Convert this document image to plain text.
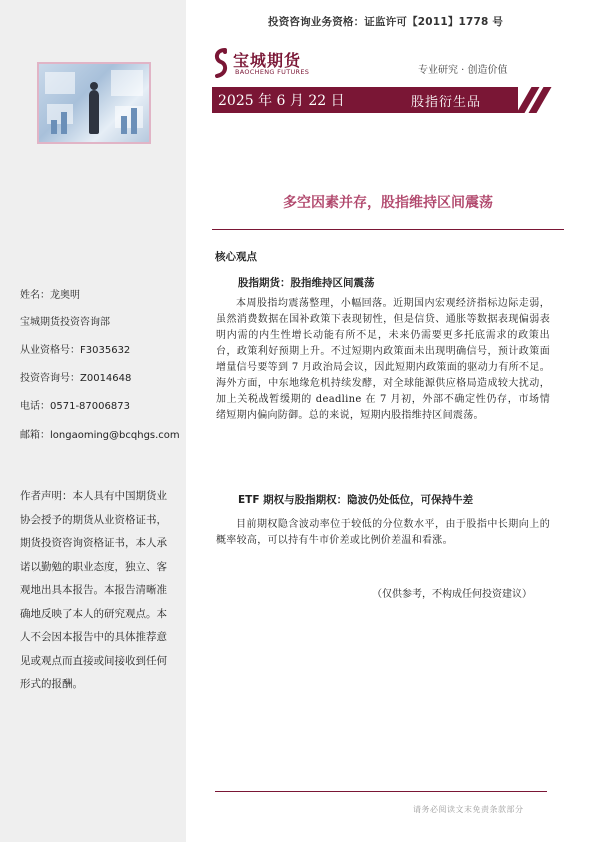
投资咨询业务资格：证监许可【2011】1778 号
宝城期货
BAOCHENG FUTURES	专业研究 · 创造价值
2025 年 6 月 22 日	股指衍生品
多空因素并存，股指维持区间震荡
核心观点
股指期货：股指维持区间震荡
本周股指均震荡整理，小幅回落。近期国内宏观经济指标边际走弱，虽然消费数据在国补政策下表现韧性，但是信贷、通胀等数据表现偏弱表明内需的内生性增长动能有所不足，未来仍需要更多托底需求的政策出台，政策利好预期上升。不过短期内政策面未出现明确信号，预计政策面增量信号要等到 7 月政治局会议，因此短期内政策面的驱动力有所不足。海外方面，中东地缘危机持续发酵，对全球能源供应格局造成较大扰动，加上关税战暂缓期的 deadline 在 7 月初，外部不确定性仍存，市场情绪短期内偏向防御。总的来说，短期内股指维持区间震荡。
ETF 期权与股指期权：隐波仍处低位，可保持牛差
目前期权隐含波动率位于较低的分位数水平，由于股指中长期向上的概率较高，可以持有牛市价差或比例价差温和看涨。
（仅供参考，不构成任何投资建议）
姓名：龙奥明
宝城期货投资咨询部
从业资格号：F3035632
投资咨询号：Z0014648
电话：0571-87006873
邮箱：longaoming@bcqhgs.com
作者声明：本人具有中国期货业协会授予的期货从业资格证书，期货投资咨询资格证书，本人承诺以勤勉的职业态度，独立、客观地出具本报告。本报告清晰准确地反映了本人的研究观点。本人不会因本报告中的具体推荐意见或观点而直接或间接收到任何形式的报酬。
请务必阅读文末免责条款部分
